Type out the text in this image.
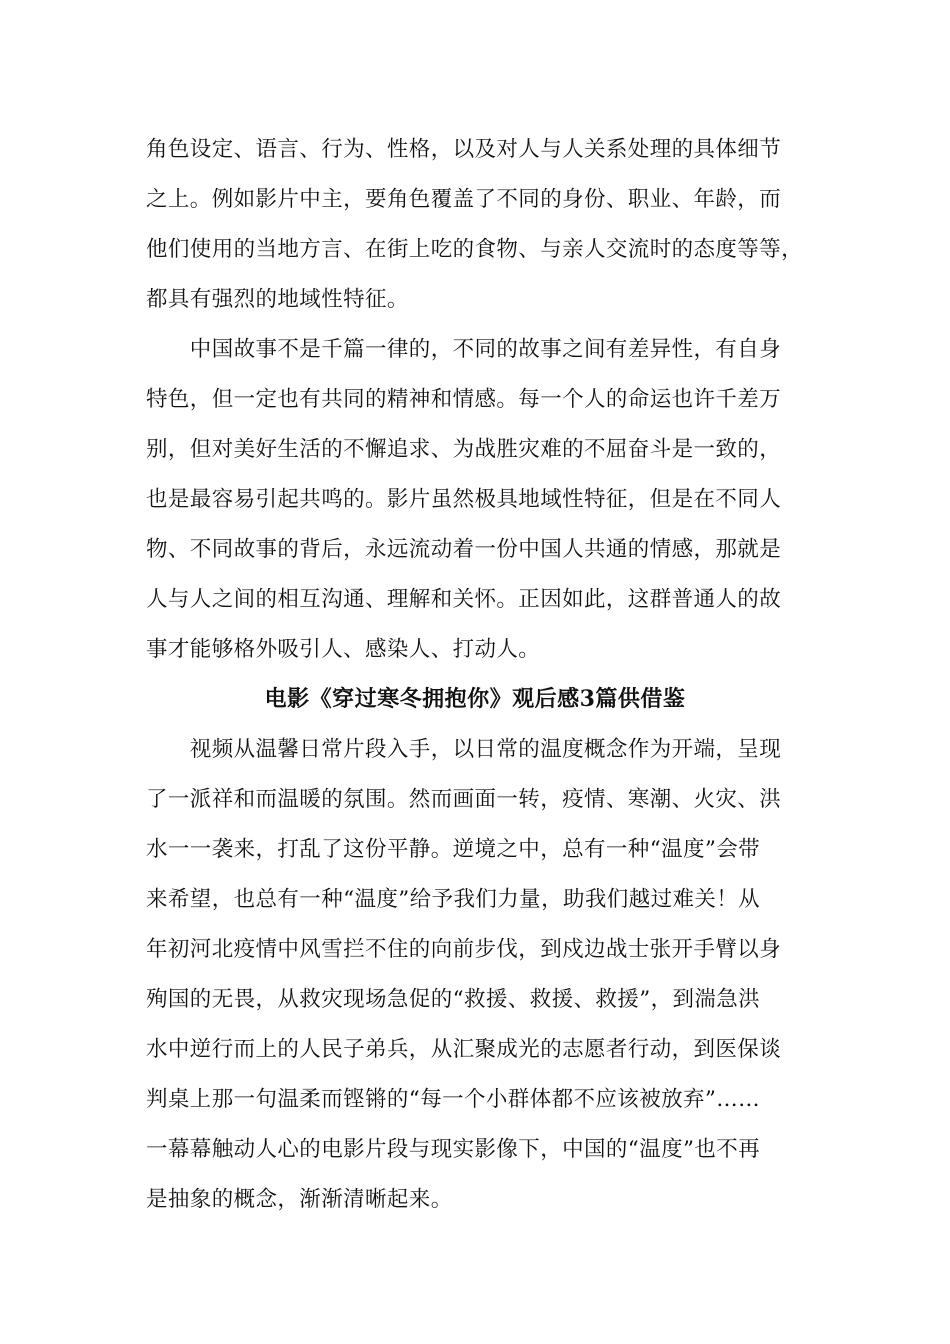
角色设定、语言、行为、性格，以及对人与人关系处理的具体细节
之上。例如影片中主，要角色覆盖了不同的身份、职业、年龄，而
他们使用的当地方言、在街上吃的食物、与亲人交流时的态度等等，
都具有强烈的地域性特征。
　　中国故事不是千篇一律的，不同的故事之间有差异性，有自身
特色，但一定也有共同的精神和情感。每一个人的命运也许千差万
别，但对美好生活的不懈追求、为战胜灾难的不屈奋斗是一致的，
也是最容易引起共鸣的。影片虽然极具地域性特征，但是在不同人
物、不同故事的背后，永远流动着一份中国人共通的情感，那就是
人与人之间的相互沟通、理解和关怀。正因如此，这群普通人的故
事才能够格外吸引人、感染人、打动人。
电影《穿过寒冬拥抱你》观后感3篇供借鉴
　　视频从温馨日常片段入手，以日常的温度概念作为开端，呈现
了一派祥和而温暖的氛围。然而画面一转，疫情、寒潮、火灾、洪
水一一袭来，打乱了这份平静。逆境之中，总有一种“温度”会带
来希望，也总有一种“温度”给予我们力量，助我们越过难关！从
年初河北疫情中风雪拦不住的向前步伐，到戍边战士张开手臂以身
殉国的无畏，从救灾现场急促的“救援、救援、救援”，到湍急洪
水中逆行而上的人民子弟兵，从汇聚成光的志愿者行动，到医保谈
判桌上那一句温柔而铿锵的“每一个小群体都不应该被放弃”……
一幕幕触动人心的电影片段与现实影像下，中国的“温度”也不再
是抽象的概念，渐渐清晰起来。
